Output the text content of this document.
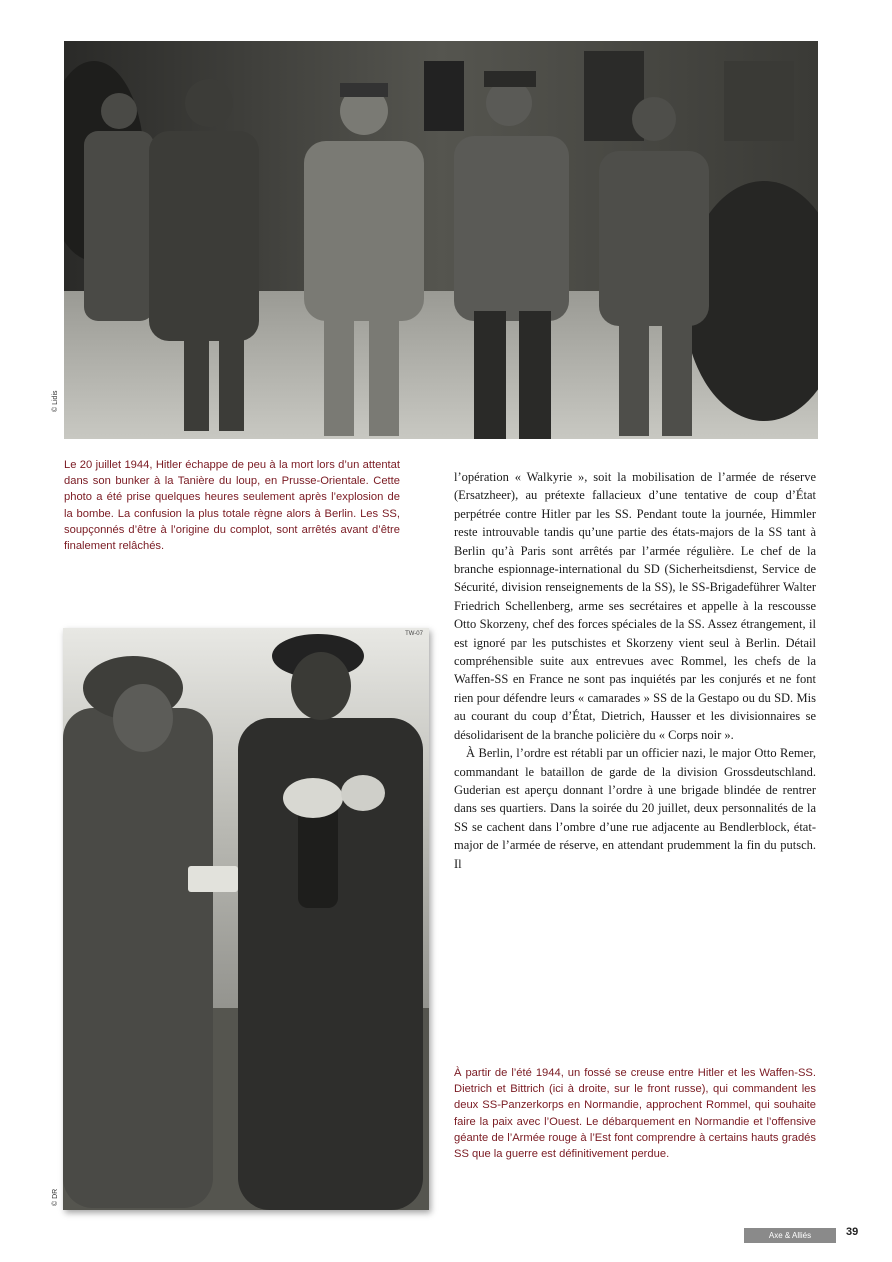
© Lidis

Le 20 juillet 1944, Hitler échappe de peu à la mort lors d’un attentat dans son bunker à la Tanière du loup, en Prusse-Orientale. Cette photo a été prise quelques heures seulement après l’explosion de la bombe. La confusion la plus totale règne alors à Berlin. Les SS, soupçonnés d’être à l’origine du complot, sont arrêtés avant d’être finalement relâchés.

l’opération « Walkyrie », soit la mobilisation de l’armée de réserve (Ersatzheer), au prétexte fallacieux d’une tentative de coup d’État perpétrée contre Hitler par les SS. Pendant toute la journée, Himmler reste introuvable tandis qu’une partie des états-majors de la SS tant à Berlin qu’à Paris sont arrêtés par l’armée régulière. Le chef de la branche espionnage-international du SD (Sicherheitsdienst, Service de Sécurité, division renseignements de la SS), le SS-Brigadeführer Walter Friedrich Schellenberg, arme ses secrétaires et appelle à la rescousse Otto Skorzeny, chef des forces spéciales de la SS. Assez étrangement, il est ignoré par les putschistes et Skorzeny vient seul à Berlin. Détail compréhensible suite aux entrevues avec Rommel, les chefs de la Waffen-SS en France ne sont pas inquiétés par les conjurés et ne font rien pour défendre leurs « camarades » SS de la Gestapo ou du SD. Mis au courant du coup d’État, Dietrich, Hausser et les divisionnaires se désolidarisent de la branche policière du « Corps noir ».

À Berlin, l’ordre est rétabli par un officier nazi, le major Otto Remer, commandant le bataillon de garde de la division Grossdeutschland. Guderian est aperçu donnant l’ordre à une brigade blindée de rentrer dans ses quartiers. Dans la soirée du 20 juillet, deux personnalités de la SS se cachent dans l’ombre d’une rue adjacente au Bendlerblock, état-major de l’armée de réserve, en attendant prudemment la fin du putsch. Il

TW-07
© DR

À partir de l’été 1944, un fossé se creuse entre Hitler et les Waffen-SS. Dietrich et Bittrich (ici à droite, sur le front russe), qui commandent les deux SS-Panzerkorps en Normandie, approchent Rommel, qui souhaite faire la paix avec l’Ouest. Le débarquement en Normandie et l’offensive géante de l’Armée rouge à l’Est font comprendre à certains hauts gradés SS que la guerre est définitivement perdue.

Axe & Alliés	39
